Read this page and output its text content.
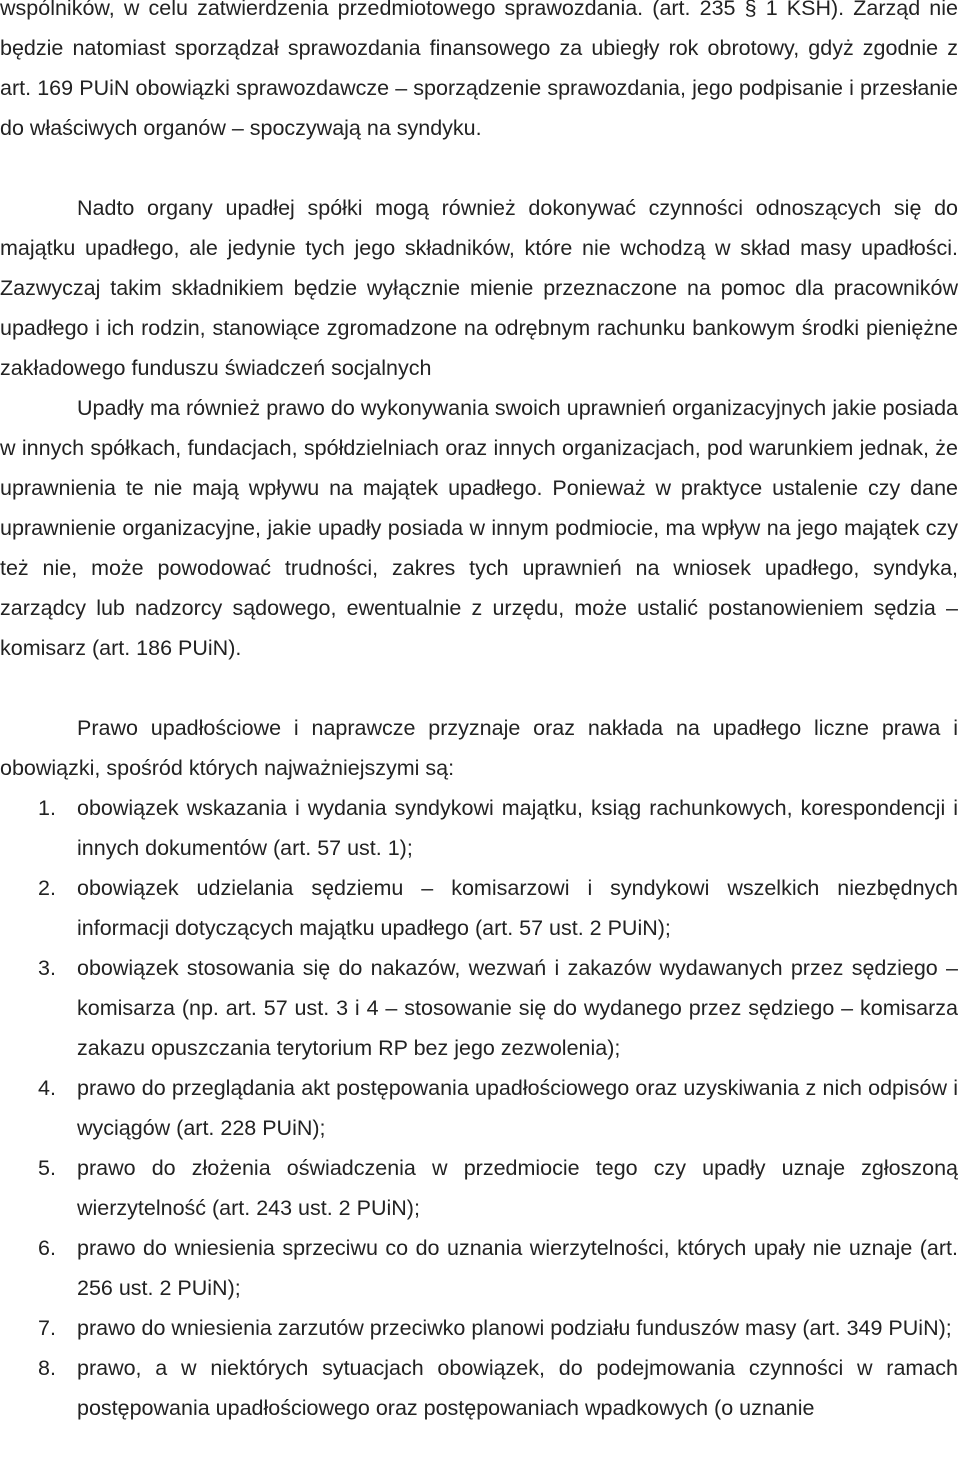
wspólników, w celu zatwierdzenia przedmiotowego sprawozdania. (art. 235 § 1 KSH). Zarząd nie będzie natomiast sporządzał sprawozdania finansowego za ubiegły rok obrotowy, gdyż zgodnie z art. 169 PUiN obowiązki sprawozdawcze – sporządzenie sprawozdania, jego podpisanie i przesłanie do właściwych organów – spoczywają na syndyku.

Nadto organy upadłej spółki mogą również dokonywać czynności odnoszących się do majątku upadłego, ale jedynie tych jego składników, które nie wchodzą w skład masy upadłości. Zazwyczaj takim składnikiem będzie wyłącznie mienie przeznaczone na pomoc dla pracowników upadłego i ich rodzin, stanowiące zgromadzone na odrębnym rachunku bankowym środki pieniężne zakładowego funduszu świadczeń socjalnych

Upadły ma również prawo do wykonywania swoich uprawnień organizacyjnych jakie posiada w innych spółkach, fundacjach, spółdzielniach oraz innych organizacjach, pod warunkiem jednak, że uprawnienia te nie mają wpływu na majątek upadłego. Ponieważ w praktyce ustalenie czy dane uprawnienie organizacyjne, jakie upadły posiada w innym podmiocie, ma wpływ na jego majątek czy też nie, może powodować trudności, zakres tych uprawnień na wniosek upadłego, syndyka, zarządcy lub nadzorcy sądowego, ewentualnie z urzędu, może ustalić postanowieniem sędzia – komisarz (art. 186 PUiN).

Prawo upadłościowe i naprawcze przyznaje oraz nakłada na upadłego liczne prawa i obowiązki, spośród których najważniejszymi są:

1. obowiązek wskazania i wydania syndykowi majątku, ksiąg rachunkowych, korespondencji i innych dokumentów (art. 57 ust. 1);
2. obowiązek udzielania sędziemu – komisarzowi i syndykowi wszelkich niezbędnych informacji dotyczących majątku upadłego (art. 57 ust. 2 PUiN);
3. obowiązek stosowania się do nakazów, wezwań i zakazów wydawanych przez sędziego – komisarza (np. art. 57 ust. 3 i 4 – stosowanie się do wydanego przez sędziego – komisarza zakazu opuszczania terytorium RP bez jego zezwolenia);
4. prawo do przeglądania akt postępowania upadłościowego oraz uzyskiwania z nich odpisów i wyciągów (art. 228 PUiN);
5. prawo do złożenia oświadczenia w przedmiocie tego czy upadły uznaje zgłoszoną wierzytelność (art. 243 ust. 2 PUiN);
6. prawo do wniesienia sprzeciwu co do uznania wierzytelności, których upały nie uznaje (art. 256 ust. 2 PUiN);
7. prawo do wniesienia zarzutów przeciwko planowi podziału funduszów masy (art. 349 PUiN);
8. prawo, a w niektórych sytuacjach obowiązek, do podejmowania czynności w ramach postępowania upadłościowego oraz postępowaniach wpadkowych (o uznanie
